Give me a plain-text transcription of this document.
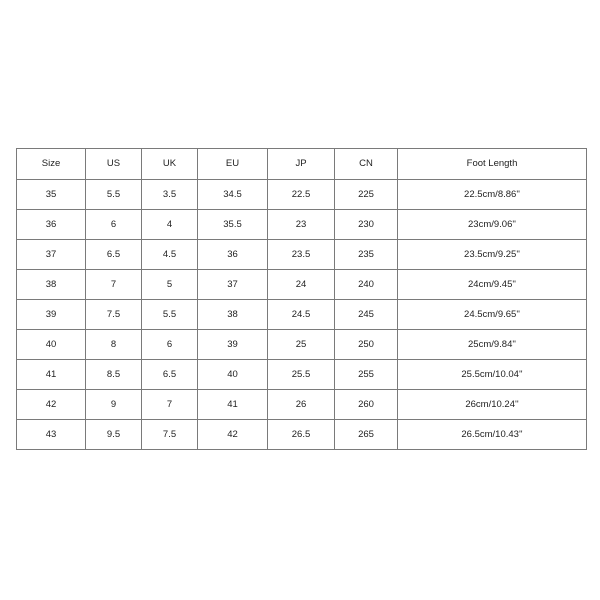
Size	US	UK	EU	JP	CN	Foot Length
35	5.5	3.5	34.5	22.5	225	22.5cm/8.86''
36	6	4	35.5	23	230	23cm/9.06''
37	6.5	4.5	36	23.5	235	23.5cm/9.25''
38	7	5	37	24	240	24cm/9.45''
39	7.5	5.5	38	24.5	245	24.5cm/9.65''
40	8	6	39	25	250	25cm/9.84''
41	8.5	6.5	40	25.5	255	25.5cm/10.04''
42	9	7	41	26	260	26cm/10.24''
43	9.5	7.5	42	26.5	265	26.5cm/10.43''
